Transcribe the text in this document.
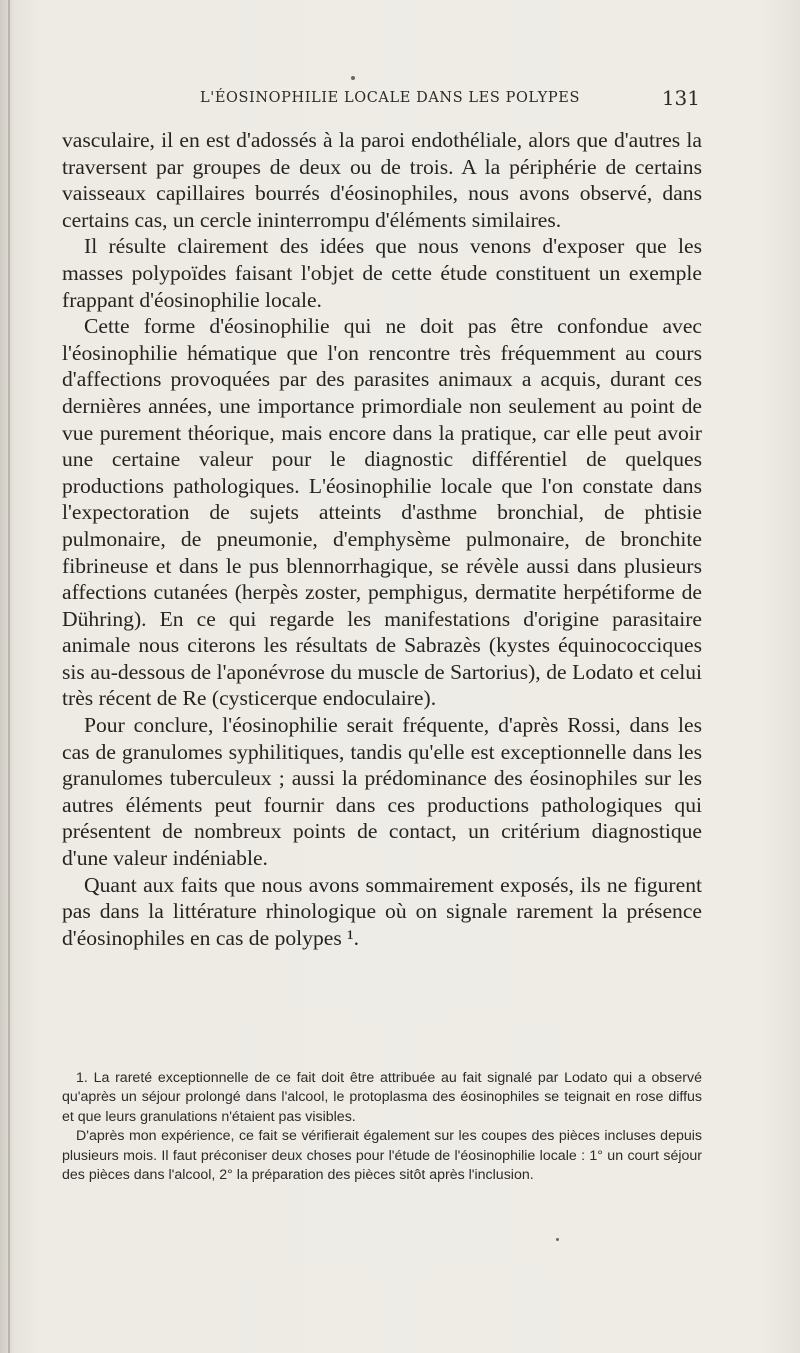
L'ÉOSINOPHILIE LOCALE DANS LES POLYPES	131

vasculaire, il en est d'adossés à la paroi endothéliale, alors que d'autres la traversent par groupes de deux ou de trois. A la périphérie de certains vaisseaux capillaires bourrés d'éosinophiles, nous avons observé, dans certains cas, un cercle ininterrompu d'éléments similaires.

Il résulte clairement des idées que nous venons d'exposer que les masses polypoïdes faisant l'objet de cette étude constituent un exemple frappant d'éosinophilie locale.

Cette forme d'éosinophilie qui ne doit pas être confondue avec l'éosinophilie hématique que l'on rencontre très fréquemment au cours d'affections provoquées par des parasites animaux a acquis, durant ces dernières années, une importance primordiale non seulement au point de vue purement théorique, mais encore dans la pratique, car elle peut avoir une certaine valeur pour le diagnostic différentiel de quelques productions pathologiques. L'éosinophilie locale que l'on constate dans l'expectoration de sujets atteints d'asthme bronchial, de phtisie pulmonaire, de pneumonie, d'emphysème pulmonaire, de bronchite fibrineuse et dans le pus blennorrhagique, se révèle aussi dans plusieurs affections cutanées (herpès zoster, pemphigus, dermatite herpétiforme de Dühring). En ce qui regarde les manifestations d'origine parasitaire animale nous citerons les résultats de Sabrazès (kystes équinococciques sis au-dessous de l'aponévrose du muscle de Sartorius), de Lodato et celui très récent de Re (cysticerque endoculaire).

Pour conclure, l'éosinophilie serait fréquente, d'après Rossi, dans les cas de granulomes syphilitiques, tandis qu'elle est exceptionnelle dans les granulomes tuberculeux ; aussi la prédominance des éosinophiles sur les autres éléments peut fournir dans ces productions pathologiques qui présentent de nombreux points de contact, un critérium diagnostique d'une valeur indéniable.

Quant aux faits que nous avons sommairement exposés, ils ne figurent pas dans la littérature rhinologique où on signale rarement la présence d'éosinophiles en cas de polypes ¹.

1. La rareté exceptionnelle de ce fait doit être attribuée au fait signalé par Lodato qui a observé qu'après un séjour prolongé dans l'alcool, le protoplasma des éosinophiles se teignait en rose diffus et que leurs granulations n'étaient pas visibles.

D'après mon expérience, ce fait se vérifierait également sur les coupes des pièces incluses depuis plusieurs mois. Il faut préconiser deux choses pour l'étude de l'éosinophilie locale : 1° un court séjour des pièces dans l'alcool, 2° la préparation des pièces sitôt après l'inclusion.
